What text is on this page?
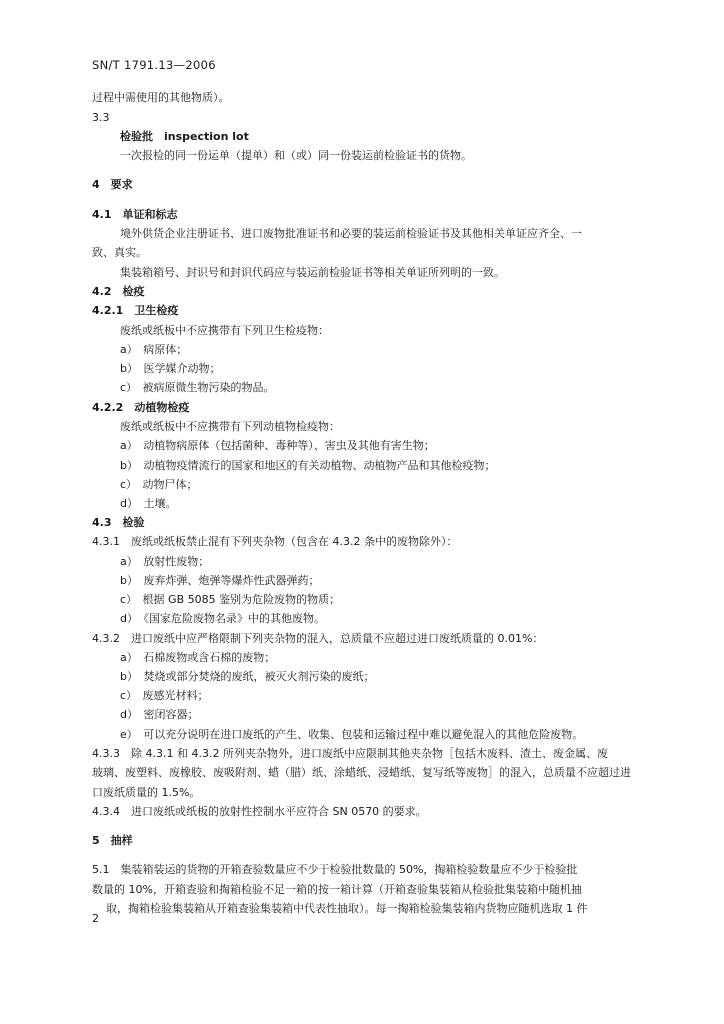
SN/T 1791.13—2006
过程中需使用的其他物质）。
3.3
检验批　inspection lot
一次报检的同一份运单（提单）和（或）同一份装运前检验证书的货物。
4　要求
4.1　单证和标志
境外供货企业注册证书、进口废物批准证书和必要的装运前检验证书及其他相关单证应齐全、一
致、真实。
集装箱箱号、封识号和封识代码应与装运前检验证书等相关单证所列明的一致。
4.2　检疫
4.2.1　卫生检疫
废纸或纸板中不应携带有下列卫生检疫物：
a）　病原体；
b）　医学媒介动物；
c）　被病原微生物污染的物品。
4.2.2　动植物检疫
废纸或纸板中不应携带有下列动植物检疫物：
a）　动植物病原体（包括菌种、毒种等）、害虫及其他有害生物；
b）　动植物疫情流行的国家和地区的有关动植物、动植物产品和其他检疫物；
c）　动物尸体；
d）　土壤。
4.3　检验
4.3.1　废纸或纸板禁止混有下列夹杂物（包含在 4.3.2 条中的废物除外）：
a）　放射性废物；
b）　废弃炸弹、炮弹等爆炸性武器弹药；
c）　根据 GB 5085 鉴别为危险废物的物质；
d）　《国家危险废物名录》中的其他废物。
4.3.2　进口废纸中应严格限制下列夹杂物的混入，总质量不应超过进口废纸质量的 0.01%：
a）　石棉废物或含石棉的废物；
b）　焚烧或部分焚烧的废纸，被灭火剂污染的废纸；
c）　废感光材料；
d）　密闭容器；
e）　可以充分说明在进口废纸的产生、收集、包装和运输过程中难以避免混入的其他危险废物。
4.3.3　除 4.3.1 和 4.3.2 所列夹杂物外，进口废纸中应限制其他夹杂物［包括木废料、渣土、废金属、废
玻璃、废塑料、废橡胶、废吸附剂、蜡（腊）纸、涂蜡纸、浸蜡纸、复写纸等废物］的混入，总质量不应超过进
口废纸质量的 1.5%。
4.3.4　进口废纸或纸板的放射性控制水平应符合 SN 0570 的要求。
5　抽样
5.1　集装箱装运的货物的开箱查验数量应不少于检验批数量的 50%，掏箱检验数量应不少于检验批
数量的 10%，开箱查验和掏箱检验不足一箱的按一箱计算（开箱查验集装箱从检验批集装箱中随机抽
取，掏箱检验集装箱从开箱查验集装箱中代表性抽取）。每一掏箱检验集装箱内货物应随机选取 1 件
2
